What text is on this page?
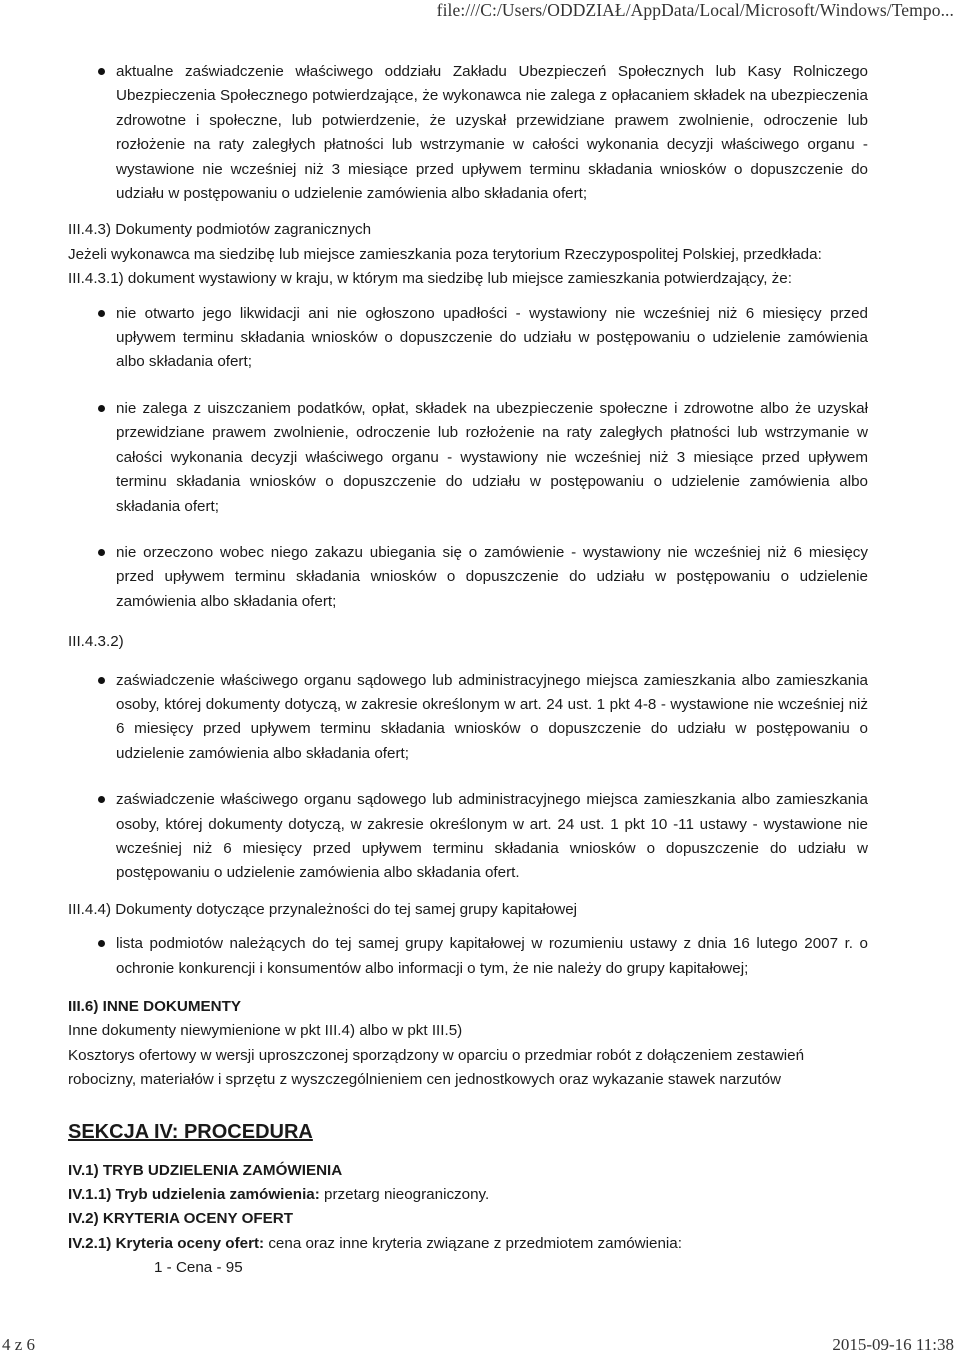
file:///C:/Users/ODDZIAŁ/AppData/Local/Microsoft/Windows/Tempo...
aktualne zaświadczenie właściwego oddziału Zakładu Ubezpieczeń Społecznych lub Kasy Rolniczego Ubezpieczenia Społecznego potwierdzające, że wykonawca nie zalega z opłacaniem składek na ubezpieczenia zdrowotne i społeczne, lub potwierdzenie, że uzyskał przewidziane prawem zwolnienie, odroczenie lub rozłożenie na raty zaległych płatności lub wstrzymanie w całości wykonania decyzji właściwego organu - wystawione nie wcześniej niż 3 miesiące przed upływem terminu składania wniosków o dopuszczenie do udziału w postępowaniu o udzielenie zamówienia albo składania ofert;

III.4.3) Dokumenty podmiotów zagranicznych

Jeżeli wykonawca ma siedzibę lub miejsce zamieszkania poza terytorium Rzeczypospolitej Polskiej, przedkłada:

III.4.3.1) dokument wystawiony w kraju, w którym ma siedzibę lub miejsce zamieszkania potwierdzający, że:

nie otwarto jego likwidacji ani nie ogłoszono upadłości - wystawiony nie wcześniej niż 6 miesięcy przed upływem terminu składania wniosków o dopuszczenie do udziału w postępowaniu o udzielenie zamówienia albo składania ofert;
nie zalega z uiszczaniem podatków, opłat, składek na ubezpieczenie społeczne i zdrowotne albo że uzyskał przewidziane prawem zwolnienie, odroczenie lub rozłożenie na raty zaległych płatności lub wstrzymanie w całości wykonania decyzji właściwego organu - wystawiony nie wcześniej niż 3 miesiące przed upływem terminu składania wniosków o dopuszczenie do udziału w postępowaniu o udzielenie zamówienia albo składania ofert;
nie orzeczono wobec niego zakazu ubiegania się o zamówienie - wystawiony nie wcześniej niż 6 miesięcy przed upływem terminu składania wniosków o dopuszczenie do udziału w postępowaniu o udzielenie zamówienia albo składania ofert;

III.4.3.2)

zaświadczenie właściwego organu sądowego lub administracyjnego miejsca zamieszkania albo zamieszkania osoby, której dokumenty dotyczą, w zakresie określonym w art. 24 ust. 1 pkt 4-8 - wystawione nie wcześniej niż 6 miesięcy przed upływem terminu składania wniosków o dopuszczenie do udziału w postępowaniu o udzielenie zamówienia albo składania ofert;
zaświadczenie właściwego organu sądowego lub administracyjnego miejsca zamieszkania albo zamieszkania osoby, której dokumenty dotyczą, w zakresie określonym w art. 24 ust. 1 pkt 10 -11 ustawy - wystawione nie wcześniej niż 6 miesięcy przed upływem terminu składania wniosków o dopuszczenie do udziału w postępowaniu o udzielenie zamówienia albo składania ofert.

III.4.4) Dokumenty dotyczące przynależności do tej samej grupy kapitałowej

lista podmiotów należących do tej samej grupy kapitałowej w rozumieniu ustawy z dnia 16 lutego 2007 r. o ochronie konkurencji i konsumentów albo informacji o tym, że nie należy do grupy kapitałowej;

III.6) INNE DOKUMENTY

Inne dokumenty niewymienione w pkt III.4) albo w pkt III.5)

Kosztorys ofertowy w wersji uproszczonej sporządzony w oparciu o przedmiar robót z dołączeniem zestawień robocizny, materiałów i sprzętu z wyszczególnieniem cen jednostkowych oraz wykazanie stawek narzutów

SEKCJA IV: PROCEDURA

IV.1) TRYB UDZIELENIA ZAMÓWIENIA

IV.1.1) Tryb udzielenia zamówienia: przetarg nieograniczony.

IV.2) KRYTERIA OCENY OFERT

IV.2.1) Kryteria oceny ofert: cena oraz inne kryteria związane z przedmiotem zamówienia:

1 - Cena - 95

4 z 6	2015-09-16 11:38
